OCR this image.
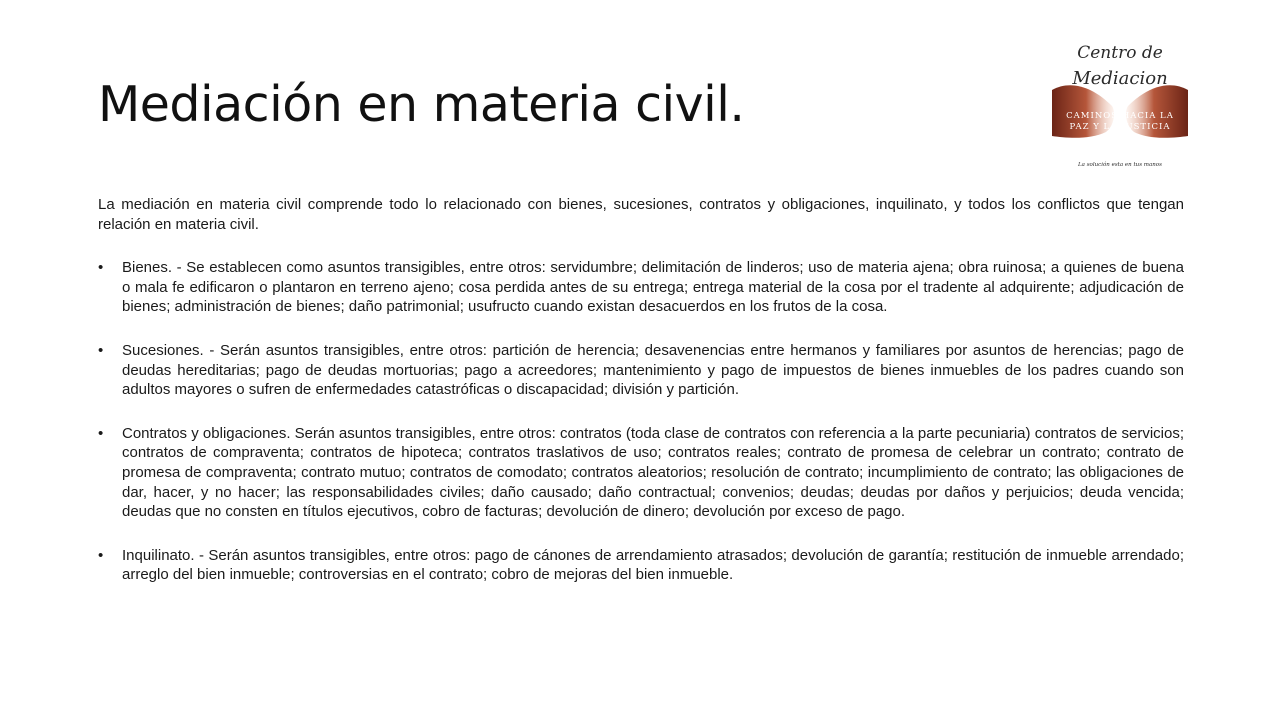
Mediación en materia civil.
Centro de
Mediacion
CAMINOS HACIA LA
PAZ Y LA JUSTICIA
La solución esta en tus manos

La mediación en materia civil comprende todo lo relacionado con bienes, sucesiones, contratos y obligaciones, inquilinato, y todos los conflictos que tengan relación en materia civil.

•	Bienes. - Se establecen como asuntos transigibles, entre otros: servidumbre; delimitación de linderos; uso de materia ajena; obra ruinosa; a quienes de buena o mala fe edificaron o plantaron en terreno ajeno; cosa perdida antes de su entrega; entrega material de la cosa por el tradente al adquirente; adjudicación de bienes; administración de bienes; daño patrimonial; usufructo cuando existan desacuerdos en los frutos de la cosa.
•	Sucesiones. - Serán asuntos transigibles, entre otros: partición de herencia; desavenencias entre hermanos y familiares por asuntos de herencias; pago de deudas hereditarias; pago de deudas mortuorias; pago a acreedores; mantenimiento y pago de impuestos de bienes inmuebles de los padres cuando son adultos mayores o sufren de enfermedades catastróficas o discapacidad; división y partición.
•	Contratos y obligaciones. Serán asuntos transigibles, entre otros: contratos (toda clase de contratos con referencia a la parte pecuniaria) contratos de servicios; contratos de compraventa; contratos de hipoteca; contratos traslativos de uso; contratos reales; contrato de promesa de celebrar un contrato; contrato de promesa de compraventa; contrato mutuo; contratos de comodato; contratos aleatorios; resolución de contrato; incumplimiento de contrato; las obligaciones de dar, hacer, y no hacer; las responsabilidades civiles; daño causado; daño contractual; convenios; deudas; deudas por daños y perjuicios; deuda vencida; deudas que no consten en títulos ejecutivos, cobro de facturas; devolución de dinero; devolución por exceso de pago.
•	Inquilinato. - Serán asuntos transigibles, entre otros: pago de cánones de arrendamiento atrasados; devolución de garantía; restitución de inmueble arrendado; arreglo del bien inmueble; controversias en el contrato; cobro de mejoras del bien inmueble.
